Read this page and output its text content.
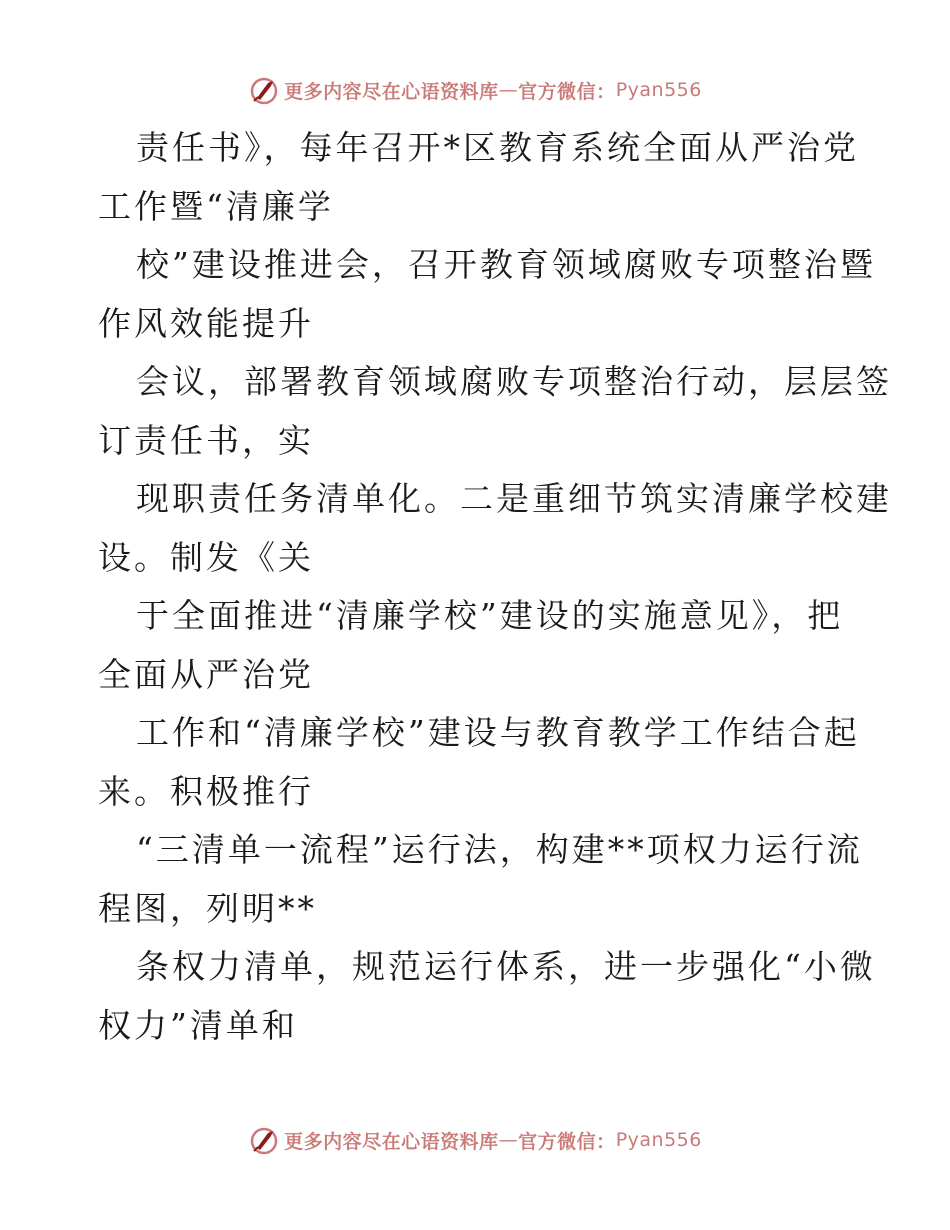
更多内容尽在心语资料库 — 官方微信： Pyan556
责任书》，每年召开*区教育系统全面从严治党
工作暨“清廉学
校”建设推进会，召开教育领域腐败专项整治暨
作风效能提升
会议，部署教育领域腐败专项整治行动，层层签
订责任书，实
现职责任务清单化。二是重细节筑实清廉学校建
设。制发《关
于全面推进“清廉学校”建设的实施意见》，把
全面从严治党
工作和“清廉学校”建设与教育教学工作结合起
来。积极推行
“三清单一流程”运行法，构建**项权力运行流
程图，列明**
条权力清单，规范运行体系，进一步强化“小微
权力”清单和
更多内容尽在心语资料库 — 官方微信： Pyan556
